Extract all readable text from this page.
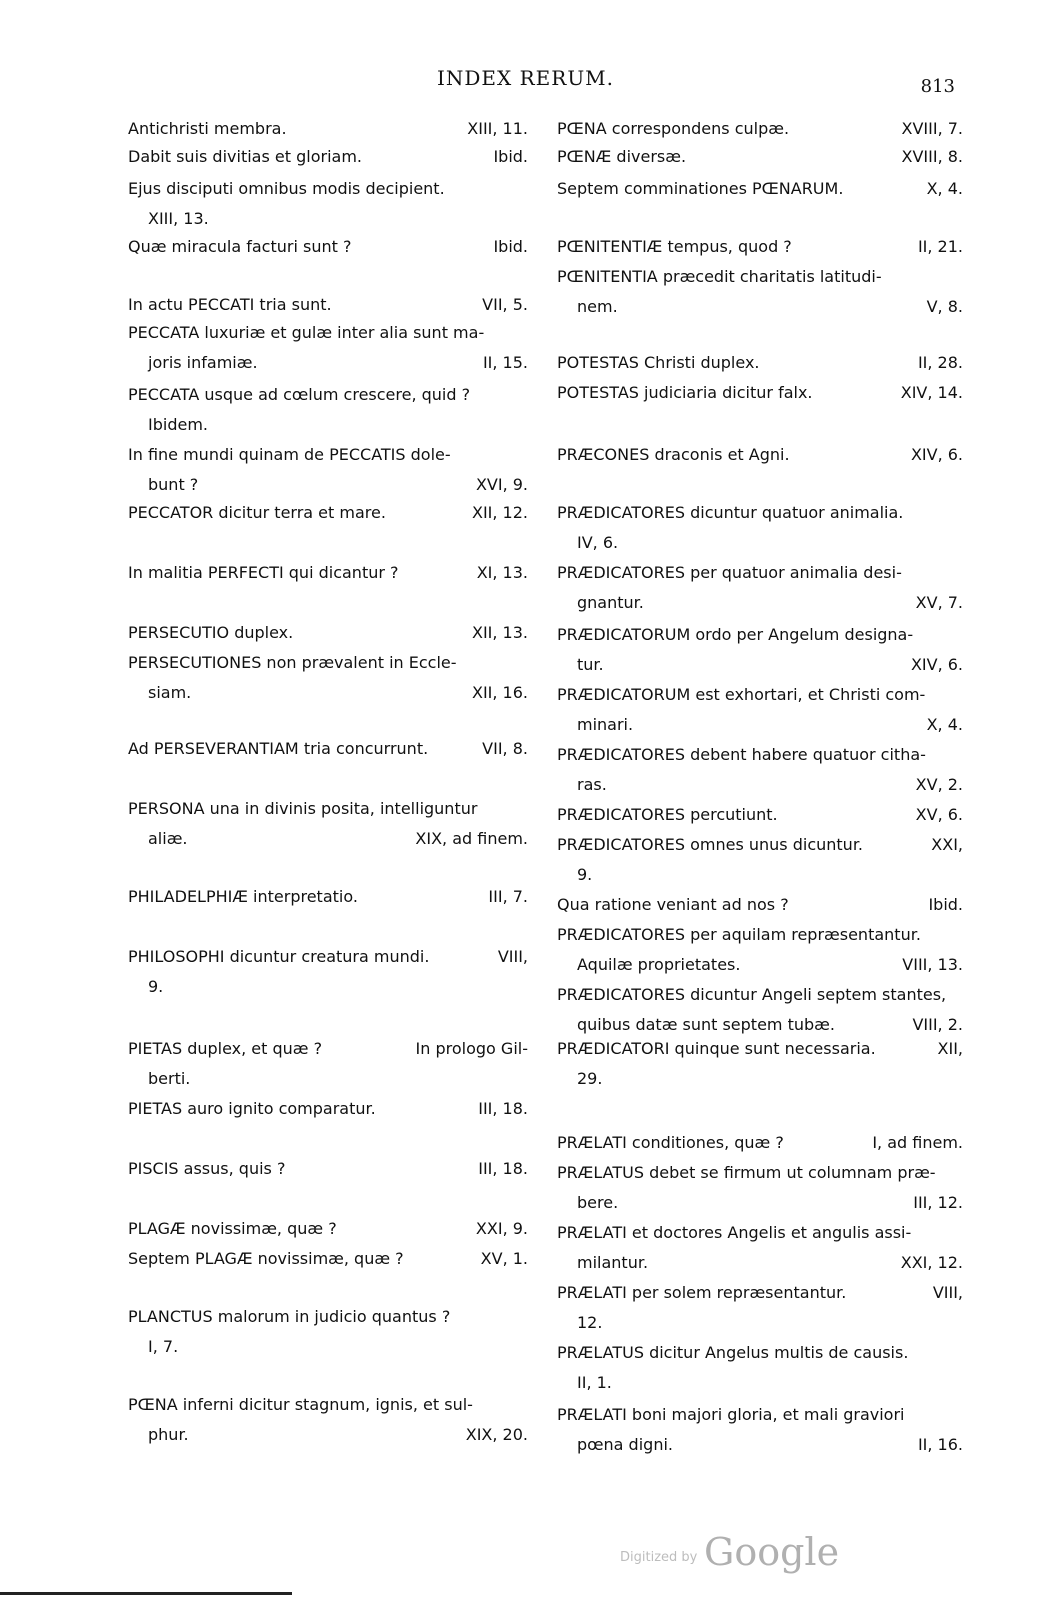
INDEX RERUM.	813
XIII, 11.
Antichristi membra.
Ibid.
Dabit suis divitias et gloriam.
Ejus disciputi omnibus modis decipient.
XIII, 13.
Ibid.
Quæ miracula facturi sunt ?
VII, 5.
In actu PECCATI tria sunt.
PECCATA luxuriæ et gulæ inter alia sunt ma-
II, 15.
joris infamiæ.
PECCATA usque ad cœlum crescere, quid ?
Ibidem.
In fine mundi quinam de PECCATIS dole-
XVI, 9.
bunt ?
XII, 12.
PECCATOR dicitur terra et mare.
XI, 13.
In malitia PERFECTI qui dicantur ?
XII, 13.
PERSECUTIO duplex.
PERSECUTIONES non prævalent in Eccle-
XII, 16.
siam.
VII, 8.
Ad PERSEVERANTIAM tria concurrunt.
PERSONA una in divinis posita, intelliguntur
XIX, ad finem.
aliæ.
III, 7.
PHILADELPHIÆ interpretatio.
VIII,
PHILOSOPHI dicuntur creatura mundi.
9.
In prologo Gil-
PIETAS duplex, et quæ ?
berti.
III, 18.
PIETAS auro ignito comparatur.
III, 18.
PISCIS assus, quis ?
XXI, 9.
PLAGÆ novissimæ, quæ ?
XV, 1.
Septem PLAGÆ novissimæ, quæ ?
PLANCTUS malorum in judicio quantus ?
I, 7.
PŒNA inferni dicitur stagnum, ignis, et sul-
XIX, 20.
phur.
XVIII, 7.
PŒNA correspondens culpæ.
XVIII, 8.
PŒNÆ diversæ.
X, 4.
Septem comminationes PŒNARUM.
II, 21.
PŒNITENTIÆ tempus, quod ?
PŒNITENTIA præcedit charitatis latitudi-
V, 8.
nem.
II, 28.
POTESTAS Christi duplex.
XIV, 14.
POTESTAS judiciaria dicitur falx.
XIV, 6.
PRÆCONES draconis et Agni.
PRÆDICATORES dicuntur quatuor animalia.
IV, 6.
PRÆDICATORES per quatuor animalia desi-
XV, 7.
gnantur.
PRÆDICATORUM ordo per Angelum designa-
XIV, 6.
tur.
PRÆDICATORUM est exhortari, et Christi com-
X, 4.
minari.
PRÆDICATORES debent habere quatuor citha-
XV, 2.
ras.
XV, 6.
PRÆDICATORES percutiunt.
XXI,
PRÆDICATORES omnes unus dicuntur.
9.
Ibid.
Qua ratione veniant ad nos ?
PRÆDICATORES per aquilam repræsentantur.
VIII, 13.
Aquilæ proprietates.
PRÆDICATORES dicuntur Angeli septem stantes,
VIII, 2.
quibus datæ sunt septem tubæ.
XII,
PRÆDICATORI quinque sunt necessaria.
29.
I, ad finem.
PRÆLATI conditiones, quæ ?
PRÆLATUS debet se firmum ut columnam præ-
III, 12.
bere.
PRÆLATI et doctores Angelis et angulis assi-
XXI, 12.
milantur.
VIII,
PRÆLATI per solem repræsentantur.
12.
PRÆLATUS dicitur Angelus multis de causis.
II, 1.
PRÆLATI boni majori gloria, et mali graviori
II, 16.
pœna digni.
Digitized by Google
